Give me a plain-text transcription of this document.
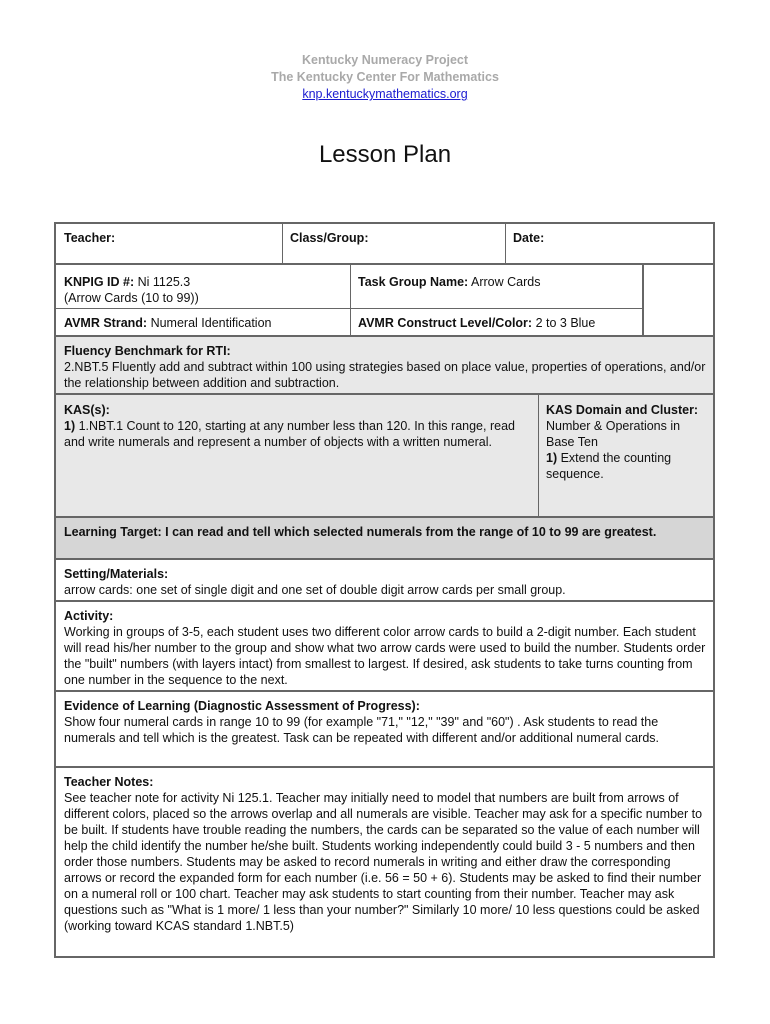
Kentucky Numeracy Project
The Kentucky Center For Mathematics
knp.kentuckymathematics.org
Lesson Plan
Teacher:	Class/Group:	Date:
KNPIG ID #: Ni 1125.3
(Arrow Cards (10 to 99))
Task Group Name: Arrow Cards
AVMR Strand: Numeral Identification	AVMR Construct Level/Color: 2 to 3 Blue
Fluency Benchmark for RTI:
2.NBT.5 Fluently add and subtract within 100 using strategies based on place value, properties of operations, and/or the relationship between addition and subtraction.
KAS(s):
1) 1.NBT.1 Count to 120, starting at any number less than 120. In this range, read and write numerals and represent a number of objects with a written numeral.
KAS Domain and Cluster:
Number & Operations in Base Ten
1) Extend the counting sequence.
Learning Target: I can read and tell which selected numerals from the range of 10 to 99 are greatest.
Setting/Materials:
arrow cards: one set of single digit and one set of double digit arrow cards per small group.
Activity:
Working in groups of 3-5, each student uses two different color arrow cards to build a 2-digit number. Each student will read his/her number to the group and show what two arrow cards were used to build the number. Students order the "built" numbers (with layers intact) from smallest to largest. If desired, ask students to take turns counting from one number in the sequence to the next.
Evidence of Learning (Diagnostic Assessment of Progress):
Show four numeral cards in range 10 to 99 (for example "71," "12," "39" and "60") . Ask students to read the numerals and tell which is the greatest. Task can be repeated with different and/or additional numeral cards.
Teacher Notes:
See teacher note for activity Ni 125.1. Teacher may initially need to model that numbers are built from arrows of different colors, placed so the arrows overlap and all numerals are visible. Teacher may ask for a specific number to be built. If students have trouble reading the numbers, the cards can be separated so the value of each number will help the child identify the number he/she built. Students working independently could build 3 - 5 numbers and then order those numbers. Students may be asked to record numerals in writing and either draw the corresponding arrows or record the expanded form for each number (i.e. 56 = 50 + 6). Students may be asked to find their number on a numeral roll or 100 chart. Teacher may ask students to start counting from their number. Teacher may ask questions such as "What is 1 more/ 1 less than your number?" Similarly 10 more/ 10 less questions could be asked (working toward KCAS standard 1.NBT.5)
